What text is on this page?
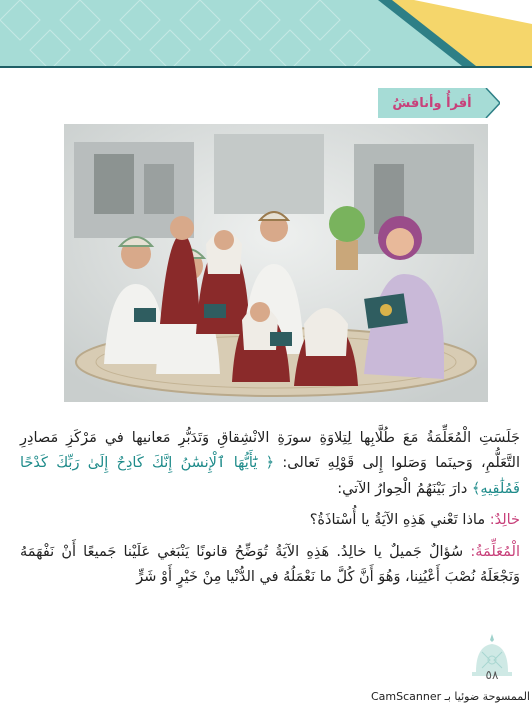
أقرأُ وأناقشُ

جَلَسَتِ الْمُعَلِّمَةُ مَعَ طُلَّابِها لِتِلاوَةِ سورَةِ الانْشِقاقِ وَتَدَبُّرِ مَعانيها في مَرْكَزِ مَصادِرِ التَّعَلُّمِ، وَحينَما وَصَلوا إِلى قَوْلِهِ تَعالى: ﴿ يَٰٓأَيُّهَا ٱلْإِنسَٰنُ إِنَّكَ كَادِحٌ إِلَىٰ رَبِّكَ كَدْحًا فَمُلَٰقِيهِ﴾ دارَ بَيْنَهُمُ الْحِوارُ الآتي:

خالِدٌ: ماذا تَعْني هَذِهِ الآيَةُ يا أُسْتاذَةُ؟

الْمُعَلِّمَةُ: سُؤالٌ جَميلٌ يا خالِدُ. هَذِهِ الآيَةُ تُوَضِّحُ قانونًا يَنْبَغي عَلَيْنا جَميعًا أَنْ نَفْهَمَهُ وَنَجْعَلَهُ نُصْبَ أَعْيُنِنا، وَهُوَ أَنَّ كُلَّ ما نَعْمَلُهُ في الدُّنْيا مِنْ خَيْرٍ أَوْ شَرٍّ

٥٨
الممسوحة ضوئيا بـ CamScanner
